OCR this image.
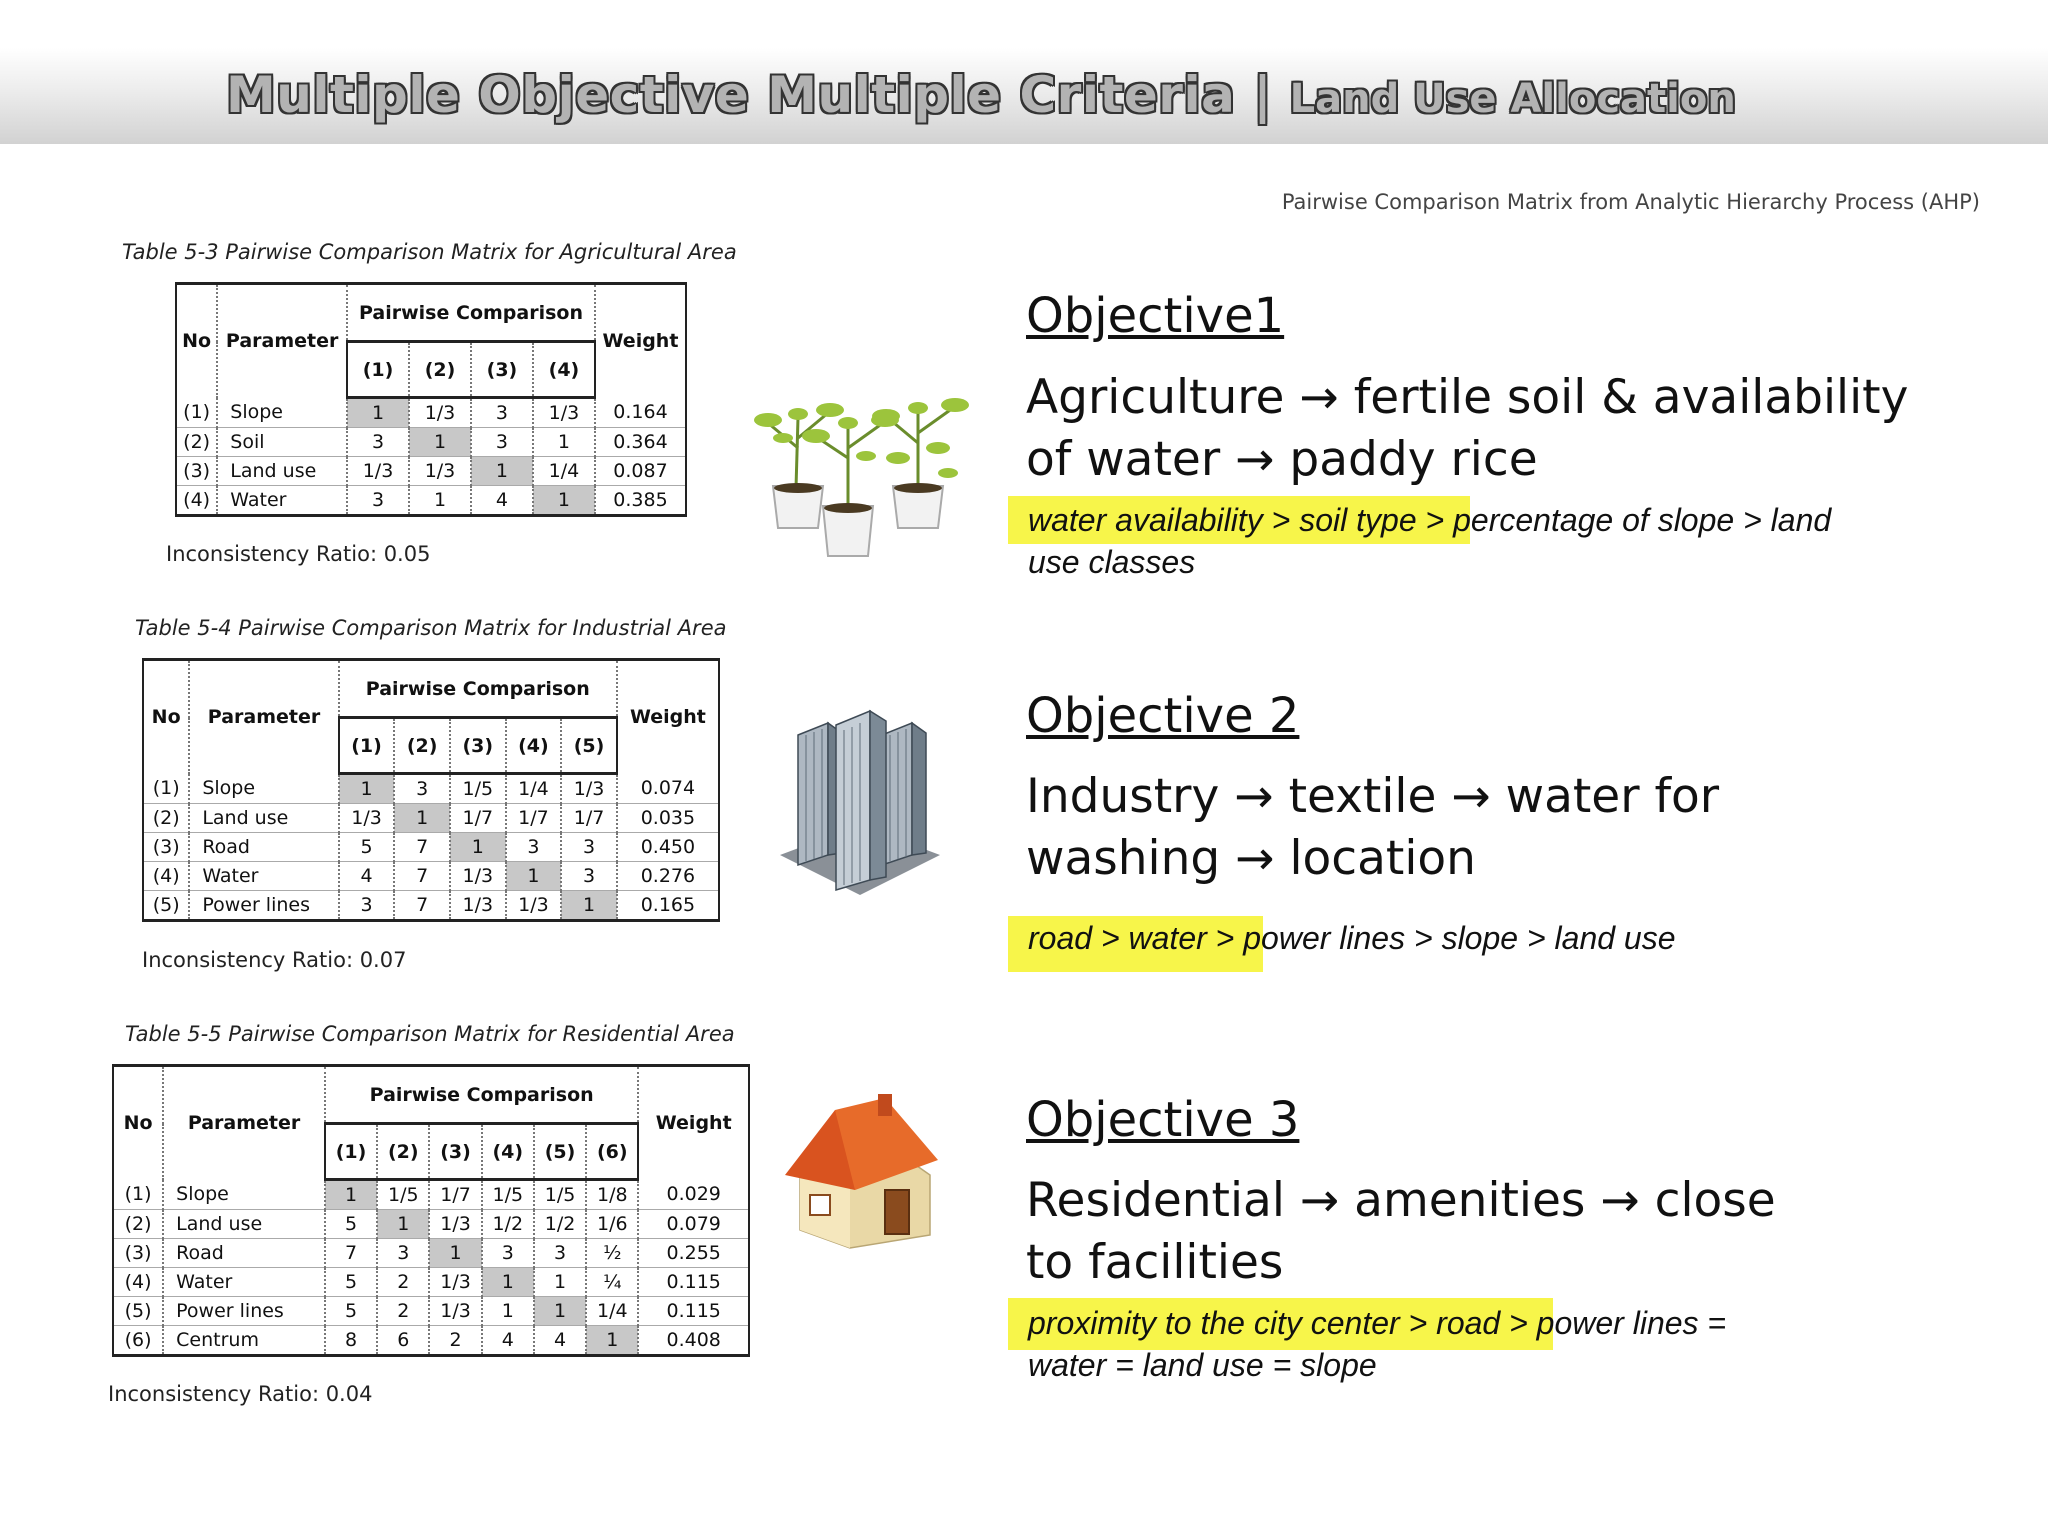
Multiple Objective Multiple Criteria | Land Use Allocation
Pairwise Comparison Matrix from Analytic Hierarchy Process (AHP)
Table 5-3 Pairwise Comparison Matrix for Agricultural Area
No	Parameter	Pairwise Comparison				Weight
		(1)	(2)	(3)	(4)	
(1)	Slope	1	1/3	3	1/3	0.164
(2)	Soil	3	1	3	1	0.364
(3)	Land use	1/3	1/3	1	1/4	0.087
(4)	Water	3	1	4	1	0.385
Inconsistency Ratio: 0.05
Table 5-4 Pairwise Comparison Matrix for Industrial Area
No	Parameter	Pairwise Comparison					Weight
		(1)	(2)	(3)	(4)	(5)	
(1)	Slope	1	3	1/5	1/4	1/3	0.074
(2)	Land use	1/3	1	1/7	1/7	1/7	0.035
(3)	Road	5	7	1	3	3	0.450
(4)	Water	4	7	1/3	1	3	0.276
(5)	Power lines	3	7	1/3	1/3	1	0.165
Inconsistency Ratio: 0.07
Table 5-5 Pairwise Comparison Matrix for Residential Area
No	Parameter	Pairwise Comparison						Weight
		(1)	(2)	(3)	(4)	(5)	(6)	
(1)	Slope	1	1/5	1/7	1/5	1/5	1/8	0.029
(2)	Land use	5	1	1/3	1/2	1/2	1/6	0.079
(3)	Road	7	3	1	3	3	½	0.255
(4)	Water	5	2	1/3	1	1	¼	0.115
(5)	Power lines	5	2	1/3	1	1	1/4	0.115
(6)	Centrum	8	6	2	4	4	1	0.408
Inconsistency Ratio: 0.04
Objective1
Agriculture → fertile soil & availability
of water → paddy rice
water availability > soil type > percentage of slope > land
use classes
Objective 2
Industry → textile → water for
washing → location
road > water > power lines > slope > land use
Objective 3
Residential → amenities → close
to facilities
proximity to the city center > road > power lines =
water = land use = slope
